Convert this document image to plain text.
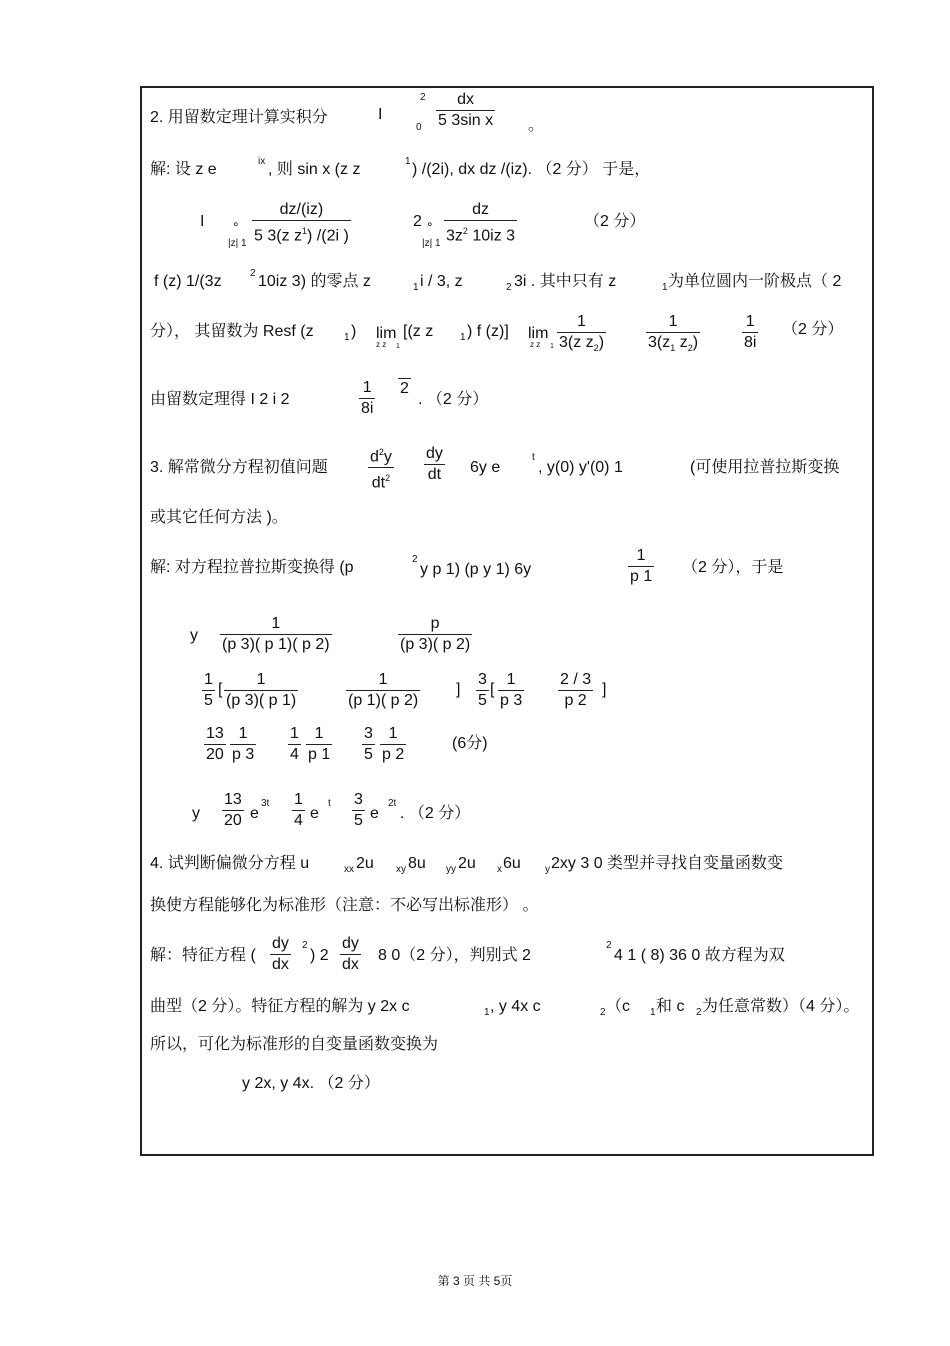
2. 用留数定理计算实积分	I
2
0
dx
5 3sin x 。
解: 设 z e	ix , 则 sin x (z z	1 ) /(2i), dx dz /(iz). （2 分） 于是，
I ∘
|z| 1
dz/(iz)
5 3(z $z^1$) /(2i )
2 ∘
|z| 1
dz
$3z^2$ 10iz 3
（2 分）
f (z) 1/(3z	2 10iz 3) 的零点 z	1 i / 3, z	2 3i . 其中只有 z	1 为单位圆内一阶极点（ 2
分）， 其留数为 Resf (z	1 ) lim
z z 1
[(z z	1 ) f (z)] lim
z z 1
1
3(z $z_2$)
1
$3(z_1$ $z_2$)
1
8i
（2 分）
由留数定理得 I 2 i 2
1
8i
2
. （2 分）
3. 解常微分方程初值问题
$d^2y$
$dt^2$
dy
dt 6y e
t
, y(0) y'(0) 1	(可使用拉普拉斯变换
或其它任何方法 )。
解: 对方程拉普拉斯变换得 (p	2
y p 1) (p y 1) 6y
1
p 1
（2 分），于是
y
1
(p 3)( p 1)( p 2)
p
(p 3)( p 2)
1
5
[
1
(p 3)( p 1)
1
(p 1)( p 2)
]
3
5
[
1
p 3
2 / 3
p 2
]
13
20
1
p 3
1
4
1
p 1
3
5
1
p 2
(6分)
y
13
20 e
3t 1
4 e
t 3
5 e
2t
. （2 分）
4. 试判断偏微分方程 u	xx 2u xy 8u yy 2u x 6u y 2xy 3 0 类型并寻找自变量函数变
换使方程能够化为标准形（注意：不必写出标准形） 。
解：特征方程 (
dy
dx
2
) 2
dy
dx
8 0（2 分），判别式 2
2
4 1 ( 8) 36 0 故方程为双
曲型（2 分）。特征方程的解为 y 2x c	1 , y 4x c	2 （c 1 和 c 2 为任意常数）（4 分）。
所以，可化为标准形的自变量函数变换为
y 2x, y 4x. （2 分）
第 3 页 共 5页
